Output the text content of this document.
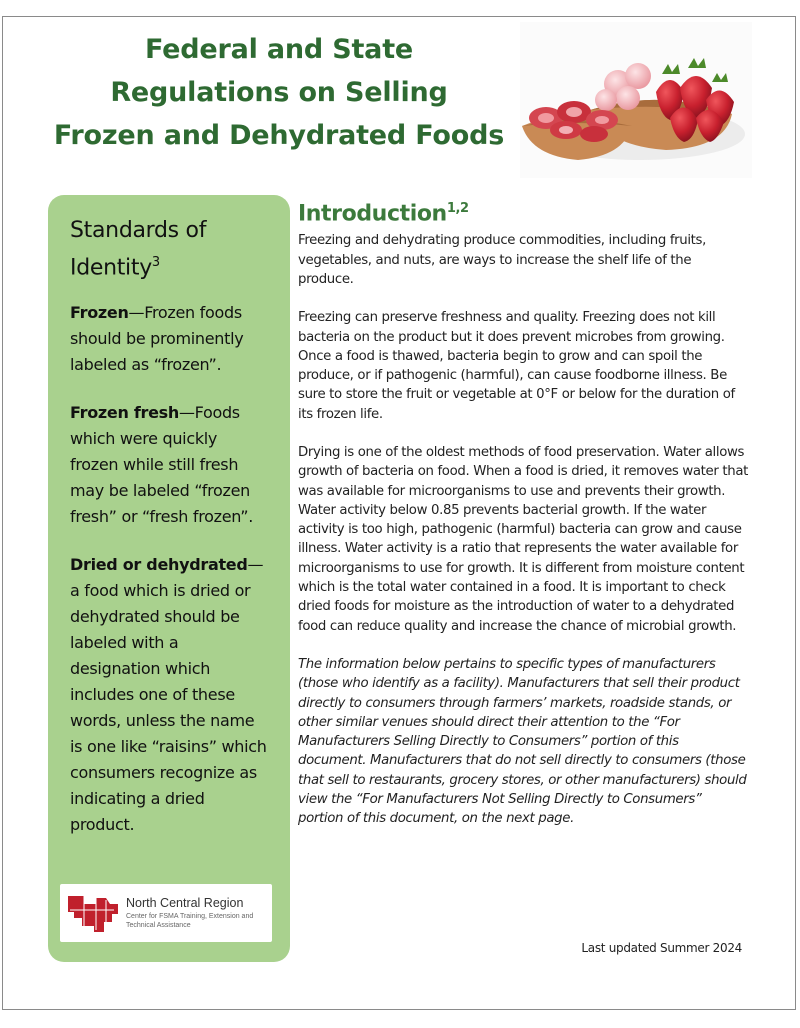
Federal and State
Regulations on Selling
Frozen and Dehydrated Foods
Standards of Identity$^3$

Frozen—Frozen foods should be prominently labeled as “frozen”.

Frozen fresh—Foods which were quickly frozen while still fresh may be labeled “frozen fresh” or “fresh frozen”.

Dried or dehydrated—a food which is dried or dehydrated should be labeled with a designation which includes one of these words, unless the name is one like “raisins” which consumers recognize as indicating a dried product.

North Central Region
Center for FSMA Training, Extension and Technical Assistance
Introduction$^{1,2}$

Freezing and dehydrating produce commodities, including fruits, vegetables, and nuts, are ways to increase the shelf life of the produce.

Freezing can preserve freshness and quality. Freezing does not kill bacteria on the product but it does prevent microbes from growing. Once a food is thawed, bacteria begin to grow and can spoil the produce, or if pathogenic (harmful), can cause foodborne illness. Be sure to store the fruit or vegetable at 0°F or below for the duration of its frozen life.

Drying is one of the oldest methods of food preservation. Water allows growth of bacteria on food. When a food is dried, it removes water that was available for microorganisms to use and prevents their growth. Water activity below 0.85 prevents bacterial growth. If the water activity is too high, pathogenic (harmful) bacteria can grow and cause illness. Water activity is a ratio that represents the water available for microorganisms to use for growth. It is different from moisture content which is the total water contained in a food. It is important to check dried foods for moisture as the introduction of water to a dehydrated food can reduce quality and increase the chance of microbial growth.

The information below pertains to specific types of manufacturers (those who identify as a facility). Manufacturers that sell their product directly to consumers through farmers’ markets, roadside stands, or other similar venues should direct their attention to the “For Manufacturers Selling Directly to Consumers” portion of this document. Manufacturers that do not sell directly to consumers (those that sell to restaurants, grocery stores, or other manufacturers) should view the “For Manufacturers Not Selling Directly to Consumers” portion of this document, on the next page.

Last updated Summer 2024
